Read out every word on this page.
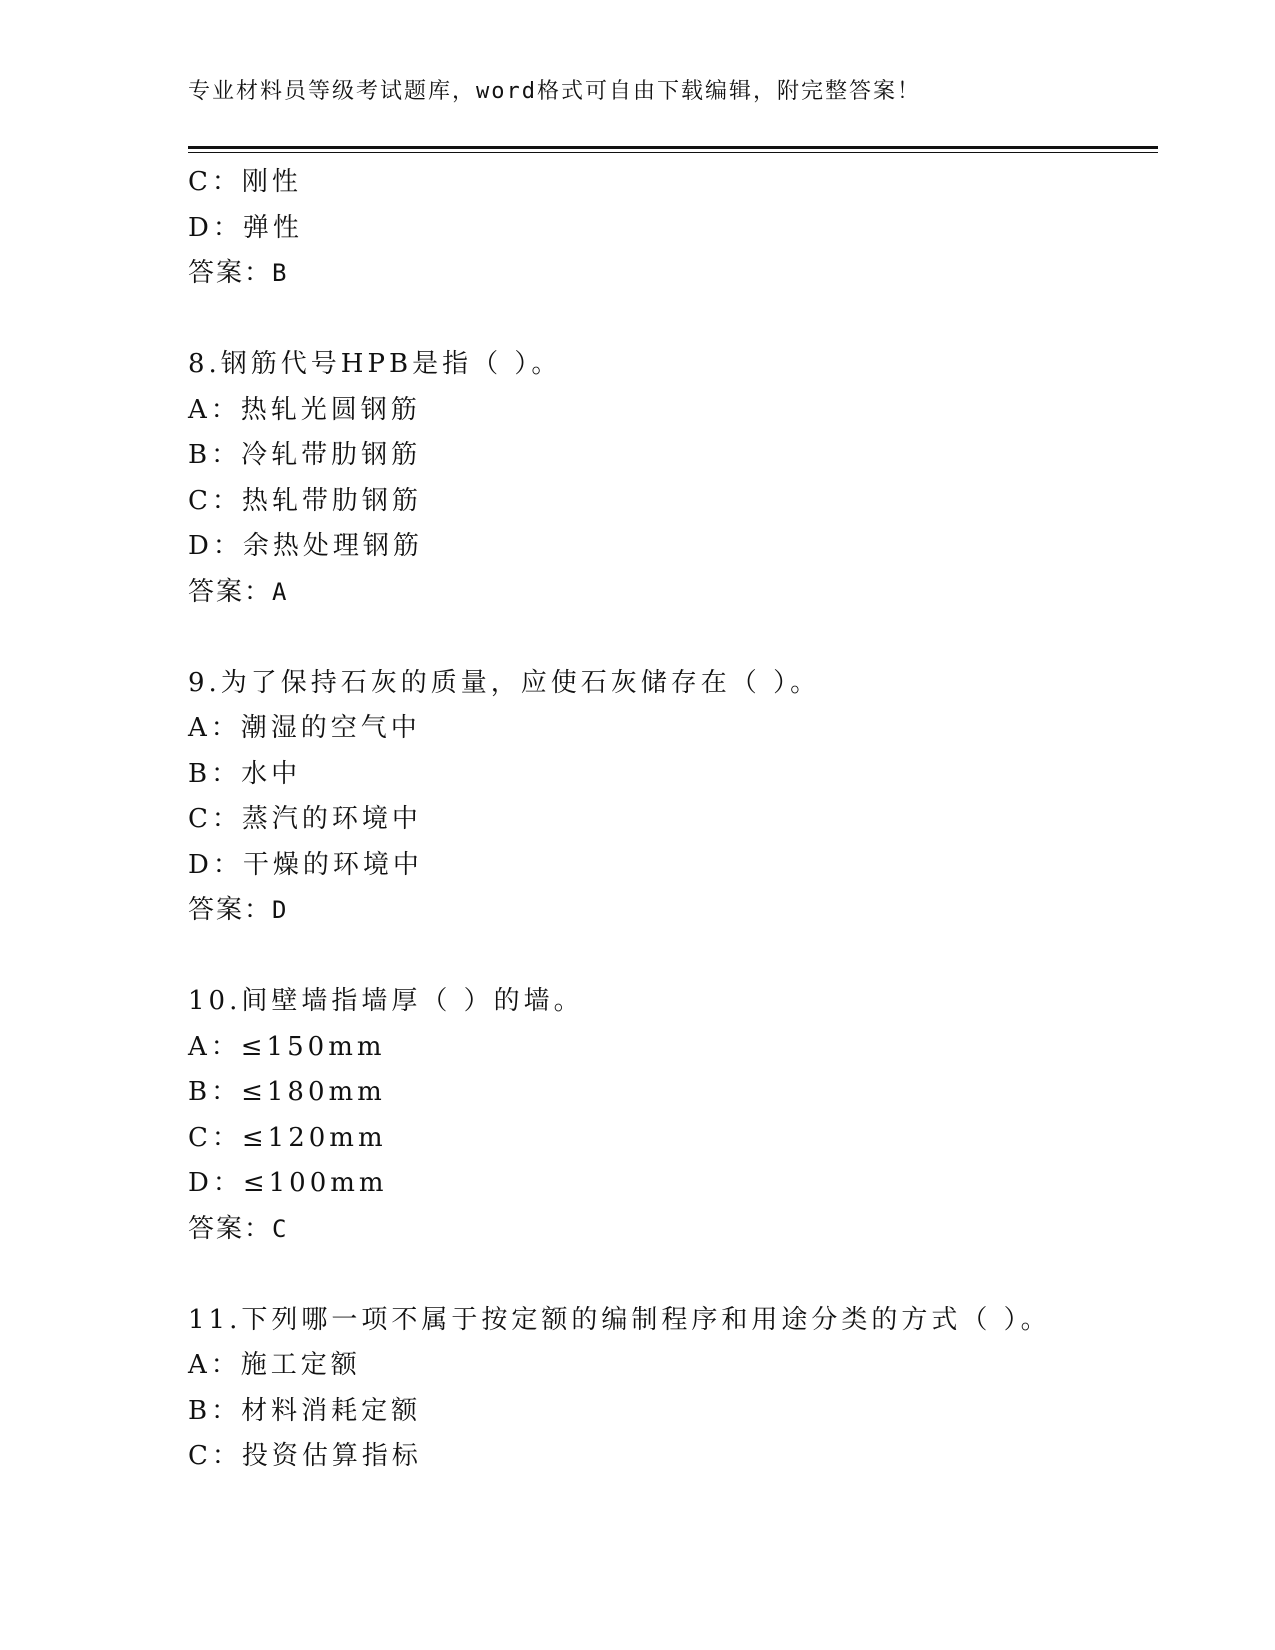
专业材料员等级考试题库，word格式可自由下载编辑，附完整答案！
C：刚性
D：弹性
答案：B
8.钢筋代号HPB是指（ ）。
A：热轧光圆钢筋
B：冷轧带肋钢筋
C：热轧带肋钢筋
D：余热处理钢筋
答案：A
9.为了保持石灰的质量，应使石灰储存在（ ）。
A：潮湿的空气中
B：水中
C：蒸汽的环境中
D：干燥的环境中
答案：D
10.间壁墙指墙厚（ ）的墙。
A：≤150mm
B：≤180mm
C：≤120mm
D：≤100mm
答案：C
11.下列哪一项不属于按定额的编制程序和用途分类的方式（ ）。
A：施工定额
B：材料消耗定额
C：投资估算指标
